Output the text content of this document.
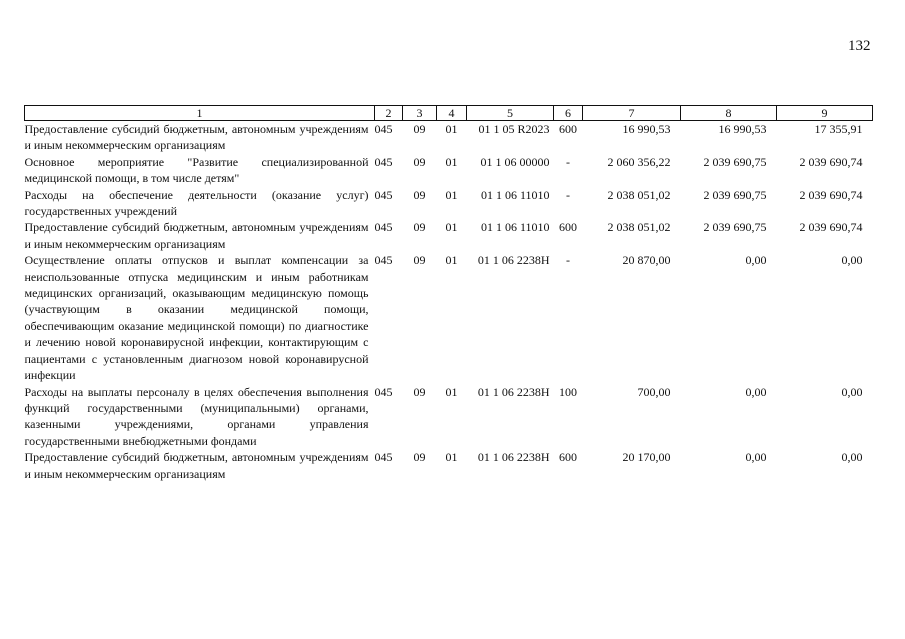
132
1	2	3	4	5	6	7	8	9
Предоставление субсидий бюджетным, автономным учреждениям и иным некоммерческим организациям	045	09	01	01 1 05 R2023	600	16 990,53	16 990,53	17 355,91
Основное мероприятие "Развитие специализированной медицинской помощи, в том числе детям"	045	09	01	01 1 06 00000	-	2 060 356,22	2 039 690,75	2 039 690,74
Расходы на обеспечение деятельности (оказание услуг) государственных учреждений	045	09	01	01 1 06 11010	-	2 038 051,02	2 039 690,75	2 039 690,74
Предоставление субсидий бюджетным, автономным учреждениям и иным некоммерческим организациям	045	09	01	01 1 06 11010	600	2 038 051,02	2 039 690,75	2 039 690,74
Осуществление оплаты отпусков и выплат компенсации за неиспользованные отпуска медицинским и иным работникам медицинских организаций, оказывающим медицинскую помощь (участвующим в оказании медицинской помощи, обеспечивающим оказание медицинской помощи) по диагностике и лечению новой коронавирусной инфекции, контактирующим с пациентами с установленным диагнозом новой коронавирусной инфекции	045	09	01	01 1 06 2238Н	-	20 870,00	0,00	0,00
Расходы на выплаты персоналу в целях обеспечения выполнения функций государственными (муниципальными) органами, казенными учреждениями, органами управления государственными внебюджетными фондами	045	09	01	01 1 06 2238Н	100	700,00	0,00	0,00
Предоставление субсидий бюджетным, автономным учреждениям и иным некоммерческим организациям	045	09	01	01 1 06 2238Н	600	20 170,00	0,00	0,00
